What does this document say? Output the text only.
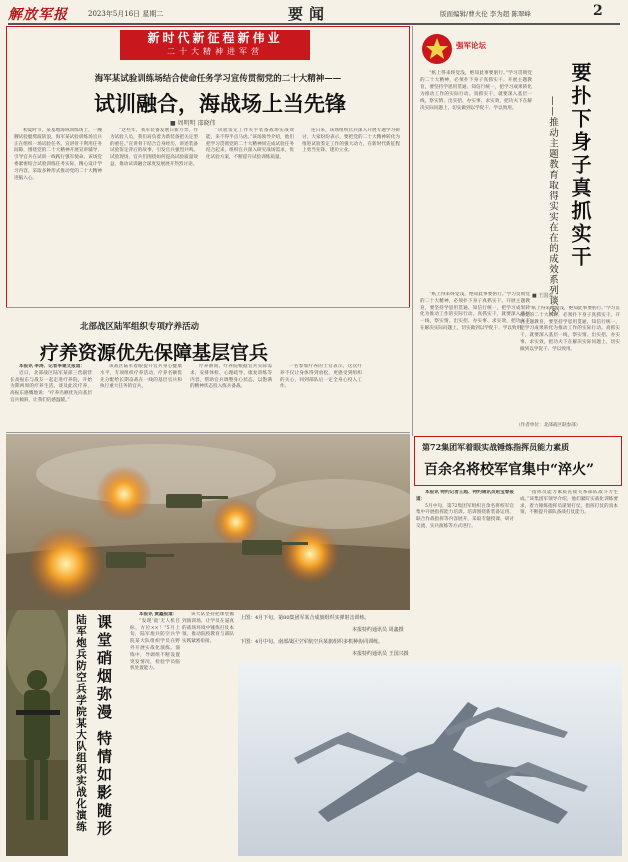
解放军报	2023年5月16日 星期二	要闻	版面编辑/曹火伦 李为超 陈翠峰	2
新时代新征程新伟业
二十大精神进军营
海军某试验训练场结合使命任务学习宣传贯彻党的二十大精神——
试训融合，海战场上当先锋
■ 周明明 邵晓伟

初夏时节，某基地海域训练场上，一艘艘试验艇劈波斩浪，海军某试验训练场官兵正在组织一场试验任务。宣讲骨干利用任务间隙，围绕党的二十大精神开展宣讲辅导，引导官兵在试训一线践行强军使命。该场党委紧密结合试验训练任务实际，精心设计学习内容，采取多种形式推动党的二十大精神进脑入心。

“这些年，我军装备发展日新月异，作为试验人员，我们肩负着为新装备把关定型的重任。”宣讲骨干结合自身经历，讲述装备试验鉴定背后的故事，引发官兵强烈共鸣。试验现场，官兵们围绕如何提高试验质量效益、推动试训融合深度发展展开热烈讨论。

“试验鉴定工作关乎装备战场实战效能，来不得半点马虎。”该场领导介绍，他们把学习贯彻党的二十大精神同完成试验任务结合起来，组织官兵深入研究战场需求，优化试验方案，不断提升试验训练质量。

连日来，该场组织官兵深入开展专题学习研讨，大家纷纷表示，要把党的二十大精神转化为推进试验鉴定工作的强大动力，在新时代新征程上勇当先锋、建功立业。

北部战区陆军组织专项疗养活动
疗养资源优先保障基层官兵

本报讯 李涛、记者李建文报道：

近日，北部战区陆军某部三营副营长高振东与战友一起走进疗养院，开始为期两周的疗养生活。谈及此次疗养，高振东感慨地说：“疗养名额优先向基层官兵倾斜，让我们倍感温暖。”

该战区陆军着眼提升官兵身心健康水平，专项组织疗养活动，疗养名额优先分配给长期奋战在一线的基层官兵和执行重大任务的官兵。

疗养期间，疗养院根据官兵实际需求，安排体检、心理疏导、康复训练等内容，帮助官兵调整身心状态，以饱满的精神状态投入练兵备战。

一名参加疗养的士官表示，这次疗养不仅让身体得到放松，更感受到组织的关心，回到部队后一定全身心投入工作。

强军论坛

“纸上得来终觉浅，绝知此事要躬行。”学习贯彻党的二十大精神，必须扑下身子真抓实干。开展主题教育，要坚持学思用贯通、知信行统一，把学习成果转化为推动工作的实际行动。真抓实干，就要深入基层一线，察实情、出实招、办实事、求实效，把功夫下在解决实际问题上，切实做到以学促干、学以致用。	要扑下身子真抓实干
——推动主题教育取得实实在在的成效系列谈⑧
■ 王国兴

“纸上得来终觉浅，绝知此事要躬行。”学习贯彻党的二十大精神，必须扑下身子真抓实干。开展主题教育，要坚持学思用贯通、知信行统一，把学习成果转化为推动工作的实际行动。真抓实干，就要深入基层一线，察实情、出实招、办实事、求实效，把功夫下在解决实际问题上，切实做到以学促干、学以致用。

“纸上得来终觉浅，绝知此事要躬行。”学习贯彻党的二十大精神，必须扑下身子真抓实干。开展主题教育，要坚持学思用贯通、知信行统一，把学习成果转化为推动工作的实际行动。真抓实干，就要深入基层一线，察实情、出实招、办实事、求实效，把功夫下在解决实际问题上，切实做到以学促干、学以致用。

（作者单位：北部战区联参部）
第72集团军着眼实战锤炼指挥员能力素质
百余名将校军官集中“淬火”

本报讯 特约记者王超、特约通讯员赵宝春报道：

5月中旬，第72集团军组织百余名将校军官集中开展指挥能力培训。培训围绕新装备运用、联合作战指挥等内容展开，采取专题授课、研讨交流、实兵演练等方式进行。

“指挥员能力素质直接关系部队战斗力生成。”该集团军领导介绍，他们紧盯实战化训练要求，着力锤炼指挥员谋划打仗、指挥打仗的真本领，不断提升部队备战打仗能力。

陆军炮兵防空兵学院某大队组织实战化演练 课堂硝烟弥漫 特情如影随形	本报讯 黄鑫报道：

“发现‘敌’无人机目标，方位××！”5月上旬，陆军炮兵防空兵学院某大队组织学员在野外开展实战化演练。演练中，导调组不断设置突发情况，检验学员临机处置能力。

该大队坚持把课堂搬到演训场，让学员在逼真的战场环境中锤炼打仗本领，推动院校教育与部队实践紧密衔接。

上图：4月下旬，第80集团军某合成旅组织实弹射击训练。
本报特约通讯员 周鑫摄
下图：4月中旬，南部战区空军航空兵某旅组织多机种协同训练。
本报特约通讯员 王国兴摄
